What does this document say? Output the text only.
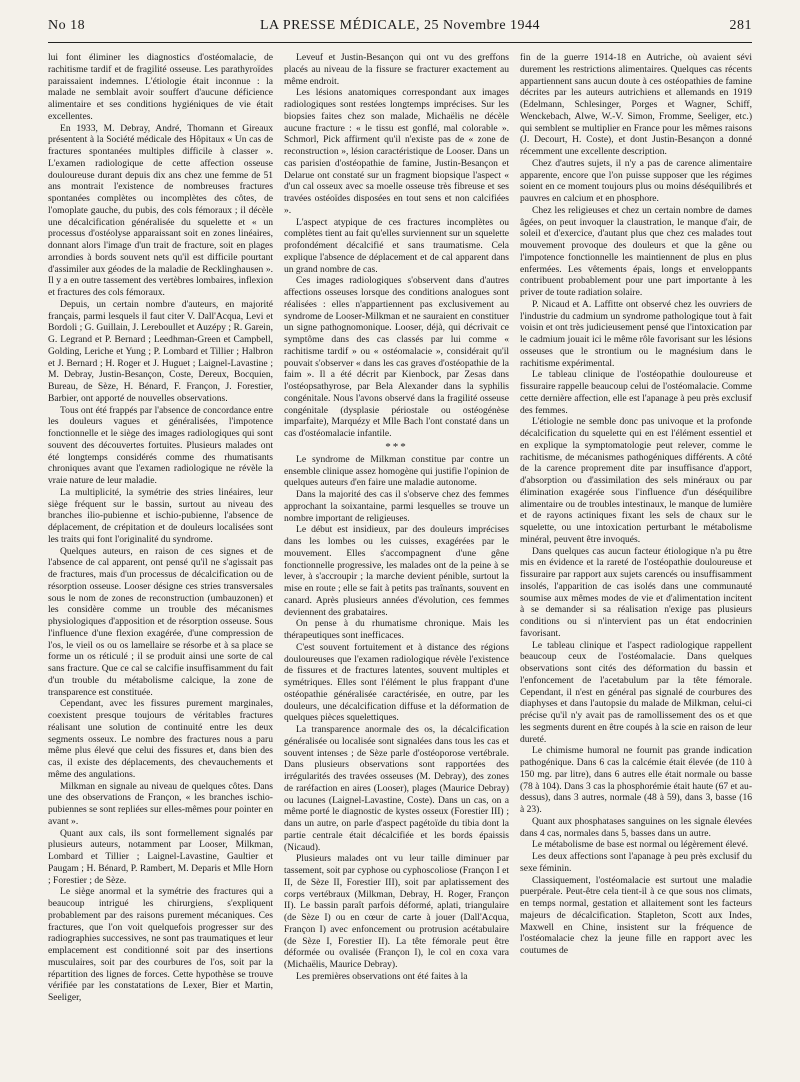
No 18	LA PRESSE MÉDICALE, 25 Novembre 1944	281

lui font éliminer les diagnostics d'ostéomalacie, de rachitisme tardif et de fragilité osseuse. Les parathyroïdes paraissaient indemnes. L'étiologie était inconnue : la malade ne semblait avoir souffert d'aucune déficience alimentaire et ses conditions hygiéniques de vie était excellentes.

En 1933, M. Debray, André, Thomann et Gireaux présentent à la Société médicale des Hôpitaux « Un cas de fractures spontanées multiples difficile à classer ». L'examen radiologique de cette affection osseuse douloureuse durant depuis dix ans chez une femme de 51 ans montrait l'existence de nombreuses fractures spontanées complètes ou incomplètes des côtes, de l'omoplate gauche, du pubis, des cols fémoraux ; il décèle une décalcification généralisée du squelette et « un processus d'ostéolyse apparaissant soit en zones linéaires, donnant alors l'image d'un trait de fracture, soit en plages arrondies à bords souvent nets qu'il est difficile pourtant d'assimiler aux géodes de la maladie de Recklinghausen ». Il y a en outre tassement des vertèbres lombaires, inflexion et fractures des cols fémoraux.

Depuis, un certain nombre d'auteurs, en majorité français, parmi lesquels il faut citer V. Dall'Acqua, Levi et Bordoli ; G. Guillain, J. Lereboullet et Auzépy ; R. Garein, G. Legrand et P. Bernard ; Leedhman-Green et Campbell, Golding, Leriche et Yung ; P. Lombard et Tillier ; Halbron et J. Bernard ; H. Roger et J. Huguet ; Laignel-Lavastine ; M. Debray, Justin-Besançon, Coste, Dereux, Bocquien, Bureau, de Sèze, H. Bénard, F. Françon, J. Forestier, Barbier, ont apporté de nouvelles observations.

Tous ont été frappés par l'absence de concordance entre les douleurs vagues et généralisées, l'impotence fonctionnelle et le siège des images radiologiques qui sont souvent des découvertes fortuites. Plusieurs malades ont été longtemps considérés comme des rhumatisants chroniques avant que l'examen radiologique ne révèle la vraie nature de leur maladie.

La multiplicité, la symétrie des stries linéaires, leur siège fréquent sur le bassin, surtout au niveau des branches ilio-pubienne et ischio-pubienne, l'absence de déplacement, de crépitation et de douleurs localisées sont les traits qui font l'originalité du syndrome.

Quelques auteurs, en raison de ces signes et de l'absence de cal apparent, ont pensé qu'il ne s'agissait pas de fractures, mais d'un processus de décalcification ou de résorption osseuse. Looser désigne ces stries transversales sous le nom de zones de reconstruction (umbauzonen) et les considère comme un trouble des mécanismes physiologiques d'apposition et de résorption osseuse. Sous l'influence d'une flexion exagérée, d'une compression de l'os, le vieil os ou os lamellaire se résorbe et à sa place se forme un os réticulé ; il se produit ainsi une sorte de cal sans fracture. Que ce cal se calcifie insuffisamment du fait d'un trouble du métabolisme calcique, la zone de transparence est constituée.

Cependant, avec les fissures purement marginales, coexistent presque toujours de véritables fractures réalisant une solution de continuité entre les deux segments osseux. Le nombre des fractures nous a paru même plus élevé que celui des fissures et, dans bien des cas, il existe des déplacements, des chevauchements et même des angulations.

Milkman en signale au niveau de quelques côtes. Dans une des observations de Françon, « les branches ischio-pubiennes se sont repliées sur elles-mêmes pour pointer en avant ».

Quant aux cals, ils sont formellement signalés par plusieurs auteurs, notamment par Looser, Milkman, Lombard et Tillier ; Laignel-Lavastine, Gaultier et Paugam ; H. Bénard, P. Rambert, M. Deparis et Mlle Horn ; Forestier ; de Sèze.

Le siège anormal et la symétrie des fractures qui a beaucoup intrigué les chirurgiens, s'expliquent probablement par des raisons purement mécaniques. Ces fractures, que l'on voit quelquefois progresser sur des radiographies successives, ne sont pas traumatiques et leur emplacement est conditionné soit par des insertions musculaires, soit par des courbures de l'os, soit par la répartition des lignes de forces. Cette hypothèse se trouve vérifiée par les constatations de Lexer, Bier et Martin, Seeliger,

Leveuf et Justin-Besançon qui ont vu des greffons placés au niveau de la fissure se fracturer exactement au même endroit.

Les lésions anatomiques correspondant aux images radiologiques sont restées longtemps imprécises. Sur les biopsies faites chez son malade, Michaëlis ne décèle aucune fracture : « le tissu est gonflé, mal colorable ». Schmorl, Pick affirment qu'il n'existe pas de « zone de reconstruction », lésion caractéristique de Looser. Dans un cas parisien d'ostéopathie de famine, Justin-Besançon et Delarue ont constaté sur un fragment biopsique l'aspect « d'un cal osseux avec sa moelle osseuse très fibreuse et ses travées ostéoïdes disposées en tout sens et non calcifiées ».

L'aspect atypique de ces fractures incomplètes ou complètes tient au fait qu'elles surviennent sur un squelette profondément décalcifié et sans traumatisme. Cela explique l'absence de déplacement et de cal apparent dans un grand nombre de cas.

Ces images radiologiques s'observent dans d'autres affections osseuses lorsque des conditions analogues sont réalisées : elles n'appartiennent pas exclusivement au syndrome de Looser-Milkman et ne sauraient en constituer un signe pathognomonique. Looser, déjà, qui décrivait ce symptôme dans des cas classés par lui comme « rachitisme tardif » ou « ostéomalacie », considérait qu'il pouvait s'observer « dans les cas graves d'ostéopathie de la faim ». Il a été décrit par Kienbock, par Zesas dans l'ostéopsathyrose, par Bela Alexander dans la syphilis congénitale. Nous l'avons observé dans la fragilité osseuse congénitale (dysplasie périostale ou ostéogénèse imparfaite), Marquézy et Mlle Bach l'ont constaté dans un cas d'ostéomalacie infantile.

***

Le syndrome de Milkman constitue par contre un ensemble clinique assez homogène qui justifie l'opinion de quelques auteurs d'en faire une maladie autonome.

Dans la majorité des cas il s'observe chez des femmes approchant la soixantaine, parmi lesquelles se trouve un nombre important de religieuses.

Le début est insidieux, par des douleurs imprécises dans les lombes ou les cuisses, exagérées par le mouvement. Elles s'accompagnent d'une gêne fonctionnelle progressive, les malades ont de la peine à se lever, à s'accroupir ; la marche devient pénible, surtout la mise en route ; elle se fait à petits pas traînants, souvent en canard. Après plusieurs années d'évolution, ces femmes deviennent des grabataires.

On pense à du rhumatisme chronique. Mais les thérapeutiques sont inefficaces.

C'est souvent fortuitement et à distance des régions douloureuses que l'examen radiologique révèle l'existence de fissures et de fractures latentes, souvent multiples et symétriques. Elles sont l'élément le plus frappant d'une ostéopathie généralisée caractérisée, en outre, par les douleurs, une décalcification diffuse et la déformation de quelques pièces squelettiques.

La transparence anormale des os, la décalcification généralisée ou localisée sont signalées dans tous les cas et souvent intenses ; de Sèze parle d'ostéoporose vertébrale. Dans plusieurs observations sont rapportées des irrégularités des travées osseuses (M. Debray), des zones de raréfaction en aires (Looser), plages (Maurice Debray) ou lacunes (Laignel-Lavastine, Coste). Dans un cas, on a même porté le diagnostic de kystes osseux (Forestier III) ; dans un autre, on parle d'aspect pagétoïde du tibia dont la partie centrale était décalcifiée et les bords épaissis (Nicaud).

Plusieurs malades ont vu leur taille diminuer par tassement, soit par cyphose ou cyphoscoliose (Françon I et II, de Sèze II, Forestier III), soit par aplatissement des corps vertébraux (Milkman, Debray, H. Roger, Françon II). Le bassin paraît parfois déformé, aplati, triangulaire (de Sèze I) ou en cœur de carte à jouer (Dall'Acqua, Françon I) avec enfoncement ou protrusion acétabulaire (de Sèze I, Forestier II). La tête fémorale peut être déformée ou ovalisée (Françon I), le col en coxa vara (Michaëlis, Maurice Debray).

Les premières observations ont été faites à la

fin de la guerre 1914-18 en Autriche, où avaient sévi durement les restrictions alimentaires. Quelques cas récents appartiennent sans aucun doute à ces ostéopathies de famine décrites par les auteurs autrichiens et allemands en 1919 (Edelmann, Schlesinger, Porges et Wagner, Schiff, Wenckebach, Alwe, W.-V. Simon, Fromme, Seeliger, etc.) qui semblent se multiplier en France pour les mêmes raisons (J. Decourt, H. Coste), et dont Justin-Besançon a donné récemment une excellente description.

Chez d'autres sujets, il n'y a pas de carence alimentaire apparente, encore que l'on puisse supposer que les régimes soient en ce moment toujours plus ou moins déséquilibrés et pauvres en calcium et en phosphore.

Chez les religieuses et chez un certain nombre de dames âgées, on peut invoquer la claustration, le manque d'air, de soleil et d'exercice, d'autant plus que chez ces malades tout mouvement provoque des douleurs et que la gêne ou l'impotence fonctionnelle les maintiennent de plus en plus enfermées. Les vêtements épais, longs et enveloppants contribuent probablement pour une part importante à les priver de toute radiation solaire.

P. Nicaud et A. Laffitte ont observé chez les ouvriers de l'industrie du cadmium un syndrome pathologique tout à fait voisin et ont très judicieusement pensé que l'intoxication par le cadmium jouait ici le même rôle favorisant sur les lésions osseuses que le strontium ou le magnésium dans le rachitisme expérimental.

Le tableau clinique de l'ostéopathie douloureuse et fissuraire rappelle beaucoup celui de l'ostéomalacie. Comme cette dernière affection, elle est l'apanage à peu près exclusif des femmes.

L'étiologie ne semble donc pas univoque et la profonde décalcification du squelette qui en est l'élément essentiel et en explique la symptomatologie peut relever, comme le rachitisme, de mécanismes pathogéniques différents. A côté de la carence proprement dite par insuffisance d'apport, d'absorption ou d'assimilation des sels minéraux ou par élimination exagérée sous l'influence d'un déséquilibre alimentaire ou de troubles intestinaux, le manque de lumière et de rayons actiniques fixant les sels de chaux sur le squelette, ou une intoxication perturbant le métabolisme minéral, peuvent être invoqués.

Dans quelques cas aucun facteur étiologique n'a pu être mis en évidence et la rareté de l'ostéopathie douloureuse et fissuraire par rapport aux sujets carencés ou insuffisamment insolés, l'apparition de cas isolés dans une communauté soumise aux mêmes modes de vie et d'alimentation incitent à se demander si sa réalisation n'exige pas plusieurs conditions ou si n'intervient pas un état endocrinien favorisant.

Le tableau clinique et l'aspect radiologique rappellent beaucoup ceux de l'ostéomalacie. Dans quelques observations sont cités des déformation du bassin et l'enfoncement de l'acetabulum par la tête fémorale. Cependant, il n'est en général pas signalé de courbures des diaphyses et dans l'autopsie du malade de Milkman, celui-ci précise qu'il n'y avait pas de ramollissement des os et que les segments durent en être coupés à la scie en raison de leur dureté.

Le chimisme humoral ne fournit pas grande indication pathogénique. Dans 6 cas la calcémie était élevée (de 110 à 150 mg. par litre), dans 6 autres elle était normale ou basse (78 à 104). Dans 3 cas la phosphorémie était haute (67 et au-dessus), dans 3 autres, normale (48 à 59), dans 3, basse (16 à 23).

Quant aux phosphatases sanguines on les signale élevées dans 4 cas, normales dans 5, basses dans un autre.

Le métabolisme de base est normal ou légèrement élevé.

Les deux affections sont l'apanage à peu près exclusif du sexe féminin.

Classiquement, l'ostéomalacie est surtout une maladie puerpérale. Peut-être cela tient-il à ce que sous nos climats, en temps normal, gestation et allaitement sont les facteurs majeurs de décalcification. Stapleton, Scott aux Indes, Maxwell en Chine, insistent sur la fréquence de l'ostéomalacie chez la jeune fille en rapport avec les coutumes de
